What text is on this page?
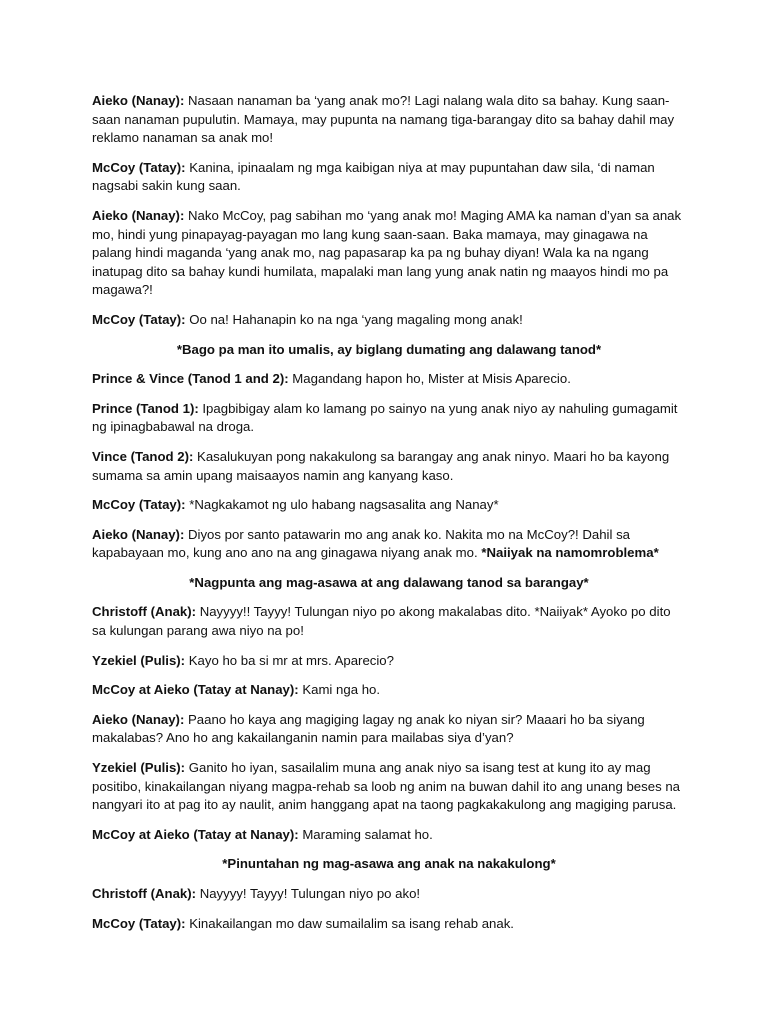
Aieko (Nanay): Nasaan nanaman ba ‘yang anak mo?! Lagi nalang wala dito sa bahay. Kung saan-saan nanaman pupulutin. Mamaya, may pupunta na namang tiga-barangay dito sa bahay dahil may reklamo nanaman sa anak mo!
McCoy (Tatay): Kanina, ipinaalam ng mga kaibigan niya at may pupuntahan daw sila, ‘di naman nagsabi sakin kung saan.
Aieko (Nanay): Nako McCoy, pag sabihan mo ‘yang anak mo! Maging AMA ka naman d’yan sa anak mo, hindi yung pinapayag-payagan mo lang kung saan-saan. Baka mamaya, may ginagawa na palang hindi maganda ‘yang anak mo, nag papasarap ka pa ng buhay diyan! Wala ka na ngang inatupag dito sa bahay kundi humilata, mapalaki man lang yung anak natin ng maayos hindi mo pa magawa?!
McCoy (Tatay): Oo na! Hahanapin ko na nga ‘yang magaling mong anak!
*Bago pa man ito umalis, ay biglang dumating ang dalawang tanod*
Prince & Vince (Tanod 1 and 2): Magandang hapon ho, Mister at Misis Aparecio.
Prince (Tanod 1): Ipagbibigay alam ko lamang po sainyo na yung anak niyo ay nahuling gumagamit ng ipinagbabawal na droga.
Vince (Tanod 2): Kasalukuyan pong nakakulong sa barangay ang anak ninyo. Maari ho ba kayong sumama sa amin upang maisaayos namin ang kanyang kaso.
McCoy (Tatay): *Nagkakamot ng ulo habang nagsasalita ang Nanay*
Aieko (Nanay): Diyos por santo patawarin mo ang anak ko. Nakita mo na McCoy?! Dahil sa kapabayaan mo, kung ano ano na ang ginagawa niyang anak mo. *Naiiyak na namomroblema*
*Nagpunta ang mag-asawa at ang dalawang tanod sa barangay*
Christoff (Anak): Nayyyy!! Tayyy! Tulungan niyo po akong makalabas dito. *Naiiyak* Ayoko po dito sa kulungan parang awa niyo na po!
Yzekiel (Pulis): Kayo ho ba si mr at mrs. Aparecio?
McCoy at Aieko (Tatay at Nanay): Kami nga ho.
Aieko (Nanay): Paano ho kaya ang magiging lagay ng anak ko niyan sir? Maaari ho ba siyang makalabas? Ano ho ang kakailanganin namin para mailabas siya d’yan?
Yzekiel (Pulis): Ganito ho iyan, sasailalim muna ang anak niyo sa isang test at kung ito ay mag positibo, kinakailangan niyang magpa-rehab sa loob ng anim na buwan dahil ito ang unang beses na nangyari ito at pag ito ay naulit, anim hanggang apat na taong pagkakakulong ang magiging parusa.
McCoy at Aieko (Tatay at Nanay): Maraming salamat ho.
*Pinuntahan ng mag-asawa ang anak na nakakulong*
Christoff (Anak): Nayyyy! Tayyy! Tulungan niyo po ako!
McCoy (Tatay): Kinakailangan mo daw sumailalim sa isang rehab anak.
